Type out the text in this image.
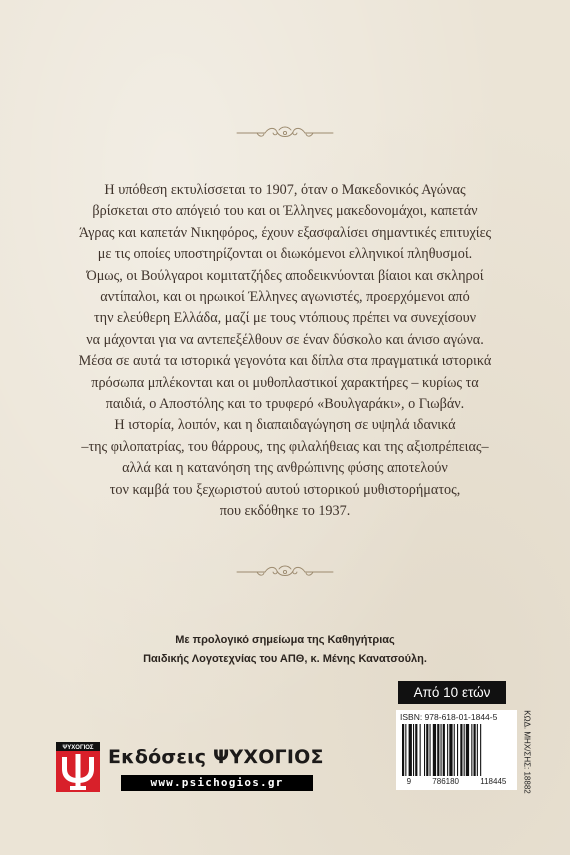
Η υπόθεση εκτυλίσσεται το 1907, όταν ο Μακεδονικός Αγώνας
βρίσκεται στο απόγειό του και οι Έλληνες μακεδονομάχοι, καπετάν
Άγρας και καπετάν Νικηφόρος, έχουν εξασφαλίσει σημαντικές επιτυχίες
με τις οποίες υποστηρίζονται οι διωκόμενοι ελληνικοί πληθυσμοί.
Όμως, οι Βούλγαροι κομιτατζήδες αποδεικνύονται βίαιοι και σκληροί
αντίπαλοι, και οι ηρωικοί Έλληνες αγωνιστές, προερχόμενοι από
την ελεύθερη Ελλάδα, μαζί με τους ντόπιους πρέπει να συνεχίσουν
να μάχονται για να αντεπεξέλθουν σε έναν δύσκολο και άνισο αγώνα.
Μέσα σε αυτά τα ιστορικά γεγονότα και δίπλα στα πραγματικά ιστορικά
πρόσωπα μπλέκονται και οι μυθοπλαστικοί χαρακτήρες – κυρίως τα
παιδιά, ο Αποστόλης και το τρυφερό «Βουλγαράκι», ο Γιωβάν.
Η ιστορία, λοιπόν, και η διαπαιδαγώγηση σε υψηλά ιδανικά
–της φιλοπατρίας, του θάρρους, της φιλαλήθειας και της αξιοπρέπειας–
αλλά και η κατανόηση της ανθρώπινης φύσης αποτελούν
τον καμβά του ξεχωριστού αυτού ιστορικού μυθιστορήματος,
που εκδόθηκε το 1937.
Με προλογικό σημείωμα της Καθηγήτριας
Παιδικής Λογοτεχνίας του ΑΠΘ, κ. Μένης Κανατσούλη.
Από 10 ετών
ISBN: 978-618-01-1844-5
9	786180	118445 ΚΩΔ. ΜΗΧ/ΣΗΣ: 18882
ΨΥΧΟΓΙΟΣ Εκδόσεις ΨΥΧΟΓΙΟΣ
www.psichogios.gr
